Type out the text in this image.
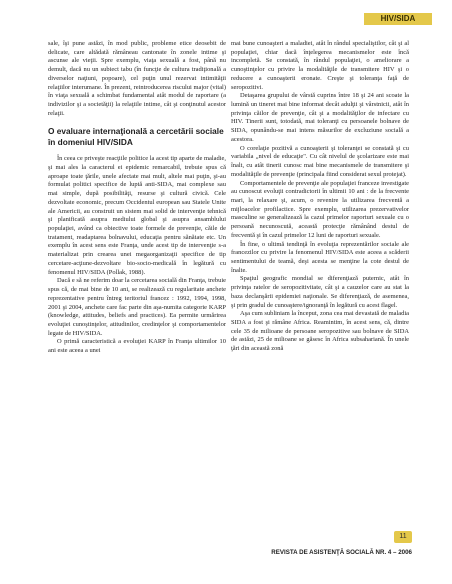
HIV/SIDA

sale, îşi pune astăzi, în mod public, probleme etice deosebit de delicate, care altădată rămâneau cantonate în zonele intime şi ascunse ale vieţii. Spre exemplu, viaţa sexuală a fost, până nu demult, dacă nu un subiect tabu (în funcţie de cultura tradiţională a diverselor naţiuni, popoare), cel puţin unul rezervat intimităţii relaţiilor interumane. În prezent, reintroducerea riscului major (vital) în viaţa sexuală a schimbat fundamental atât modul de raportare (a indivizilor şi a societăţii) la relaţiile intime, cât şi conţinutul acestor relaţii.

O evaluare internaţională a cercetării sociale în domeniul HIV/SIDA

În ceea ce priveşte reacţiile politice la acest tip aparte de maladie, şi mai ales la caracterul ei epidemic remarcabil, trebuie spus că aproape toate ţările, unele afectate mai mult, altele mai puţin, şi-au formulat politici specifice de luptă anti-SIDA, mai complexe sau mai simple, după posibilităţi, resurse şi cultură civică. Cele dezvoltate economic, precum Occidentul european sau Statele Unite ale Americii, au construit un sistem mai solid de intervenţie tehnică şi planificată asupra mediului global şi asupra ansamblului populaţiei, având ca obiective toate formele de prevenţie, căile de tratament, readaptarea bolnavului, educaţia pentru sănătate etc. Un exemplu în acest sens este Franţa, unde acest tip de intervenţie s-a materializat prin crearea unei megaorganizaţii specifice de tip cercetare-acţiune-dezvoltare bio-socio-medicală în legătură cu fenomenul HIV/SIDA (Pollak, 1988).

Dacă e să ne referim doar la cercetarea socială din Franţa, trebuie spus că, de mai bine de 10 ani, se realizează cu regularitate anchete reprezentative pentru întreg teritoriul francez : 1992, 1994, 1998, 2001 şi 2004, anchete care fac parte din aşa-numita categorie KARP (knowledge, attitudes, beliefs and practices). Ea permite urmărirea evoluţiei cunoştinţelor, atitudinilor, credinţelor şi comportamentelor legate de HIV/SIDA.

O primă caracteristică a evoluţiei KARP în Franţa ultimilor 10 ani este aceea a unei

mai bune cunoaşteri a maladiei, atât în rândul specialiştilor, cât şi al populaţiei, chiar dacă înţelegerea mecanismelor este încă incompletă. Se constată, în rândul populaţiei, o ameliorare a cunoştinţelor cu privire la modalităţile de transmitere HIV şi o reducere a cunoaşterii eronate. Creşte şi toleranţa faţă de seropozitivi.

Detaşarea grupului de vârstă cuprins între 18 şi 24 ani scoate la lumină un tineret mai bine informat decât adulţii şi vârstnicii, atât în privinţa căilor de prevenţie, cât şi a modalităţilor de infectare cu HIV. Tinerii sunt, totodată, mai toleranţi cu persoanele bolnave de SIDA, opunându-se mai intens măsurilor de excluziune socială a acestora.

O corelaţie pozitivă a cunoaşterii şi toleranţei se constată şi cu variabila „nivel de educaţie". Cu cât nivelul de şcolarizare este mai înalt, cu atât tinerii cunosc mai bine mecanismele de transmitere şi modalităţile de prevenţie (principala fiind considerat sexul protejat).

Comportamentele de prevenţie ale populaţiei franceze investigate au cunoscut evoluţii contradictorii în ultimii 10 ani : de la frecvente mari, la relaxare şi, acum, o revenire la utilizarea frecventă a mijloacelor profilactice. Spre exemplu, utilizarea prezervativelor masculine se generalizează la cazul primelor raporturi sexuale cu o persoană necunoscută, această protecţie rămânând destul de frecventă şi în cazul primelor 12 luni de raporturi sexuale.

În fine, o ultimă tendinţă în evoluţia reprezentărilor sociale ale francezilor cu privire la fenomenul HIV/SIDA este aceea a scăderii sentimentului de teamă, deşi acesta se menţine la cote destul de înalte.

Spaţiul geografic mondial se diferenţiază puternic, atât în privinţa ratelor de seropozitivitate, cât şi a cauzelor care au stat la baza declanşării epidemiei naţionale. Se diferenţiază, de asemenea, şi prin gradul de cunoaştere/ignoranţă în legătură cu acest flagel.

Aşa cum subliniam la început, zona cea mai devastată de maladia SIDA a fost şi rămâne Africa. Reamintim, în acest sens, că, dintre cele 35 de milioane de persoane seropozitive sau bolnave de SIDA de astăzi, 25 de milioane se găsesc în Africa subsahariană. În unele ţări din această zonă

11
REVISTA DE ASISTENŢĂ SOCIALĂ NR. 4 – 2006
